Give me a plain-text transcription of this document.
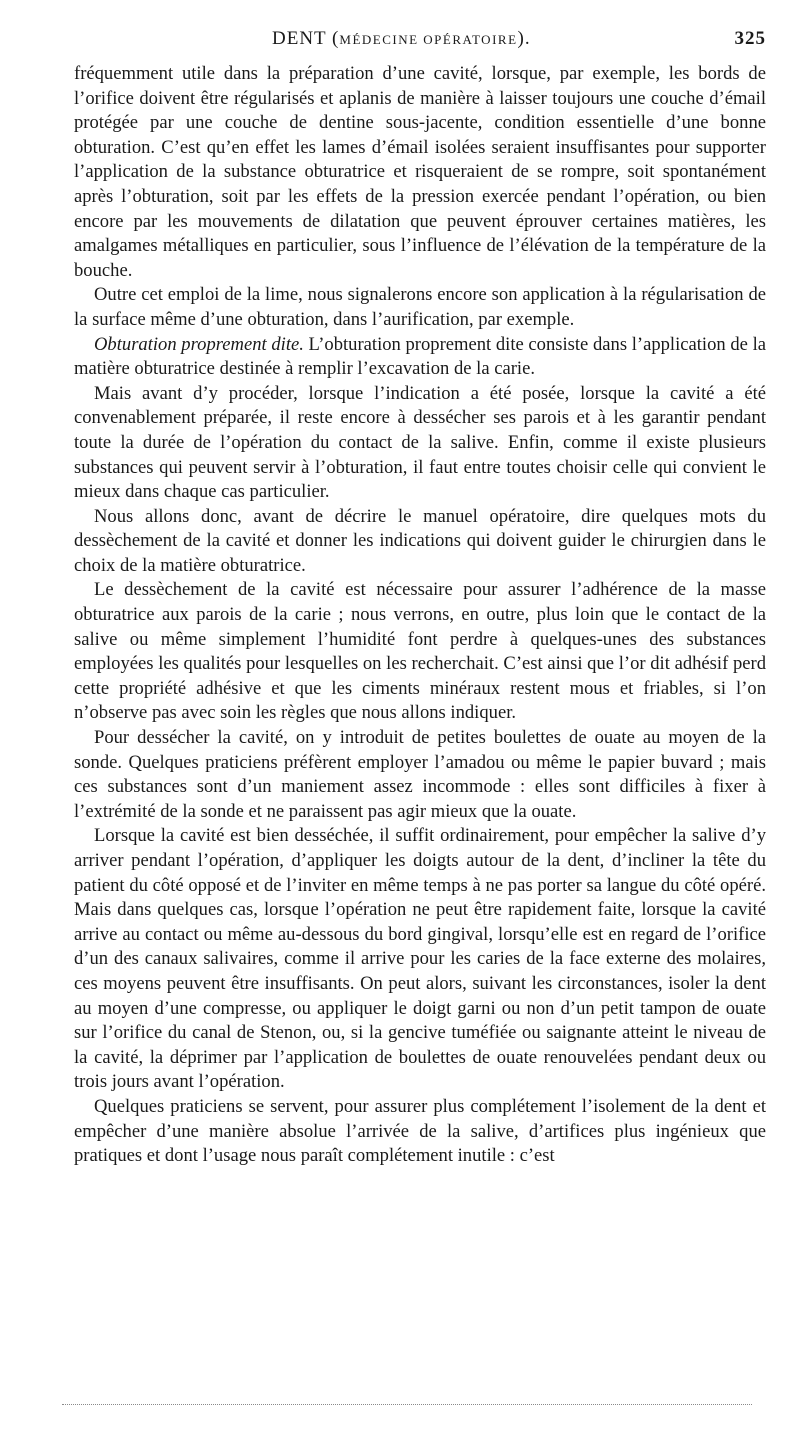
DENT (MÉDECINE OPÉRATOIRE).	325

fréquemment utile dans la préparation d’une cavité, lorsque, par exemple, les bords de l’orifice doivent être régularisés et aplanis de manière à laisser toujours une couche d’émail protégée par une couche de dentine sous-jacente, condition essentielle d’une bonne obturation. C’est qu’en effet les lames d’émail isolées seraient insuffisantes pour supporter l’application de la substance obturatrice et risqueraient de se rompre, soit spontanément après l’obturation, soit par les effets de la pression exercée pendant l’opération, ou bien encore par les mouvements de dilatation que peuvent éprouver certaines matières, les amalgames métalliques en particulier, sous l’influence de l’élévation de la température de la bouche.

Outre cet emploi de la lime, nous signalerons encore son application à la régularisation de la surface même d’une obturation, dans l’aurification, par exemple.

Obturation proprement dite. L’obturation proprement dite consiste dans l’application de la matière obturatrice destinée à remplir l’excavation de la carie.

Mais avant d’y procéder, lorsque l’indication a été posée, lorsque la cavité a été convenablement préparée, il reste encore à dessécher ses parois et à les garantir pendant toute la durée de l’opération du contact de la salive. Enfin, comme il existe plusieurs substances qui peuvent servir à l’obturation, il faut entre toutes choisir celle qui convient le mieux dans chaque cas particulier.

Nous allons donc, avant de décrire le manuel opératoire, dire quelques mots du dessèchement de la cavité et donner les indications qui doivent guider le chirurgien dans le choix de la matière obturatrice.

Le dessèchement de la cavité est nécessaire pour assurer l’adhérence de la masse obturatrice aux parois de la carie ; nous verrons, en outre, plus loin que le contact de la salive ou même simplement l’humidité font perdre à quelques-unes des substances employées les qualités pour lesquelles on les recherchait. C’est ainsi que l’or dit adhésif perd cette propriété adhésive et que les ciments minéraux restent mous et friables, si l’on n’observe pas avec soin les règles que nous allons indiquer.

Pour dessécher la cavité, on y introduit de petites boulettes de ouate au moyen de la sonde. Quelques praticiens préfèrent employer l’amadou ou même le papier buvard ; mais ces substances sont d’un maniement assez incommode : elles sont difficiles à fixer à l’extrémité de la sonde et ne paraissent pas agir mieux que la ouate.

Lorsque la cavité est bien desséchée, il suffit ordinairement, pour empêcher la salive d’y arriver pendant l’opération, d’appliquer les doigts autour de la dent, d’incliner la tête du patient du côté opposé et de l’inviter en même temps à ne pas porter sa langue du côté opéré. Mais dans quelques cas, lorsque l’opération ne peut être rapidement faite, lorsque la cavité arrive au contact ou même au-dessous du bord gingival, lorsqu’elle est en regard de l’orifice d’un des canaux salivaires, comme il arrive pour les caries de la face externe des molaires, ces moyens peuvent être insuffisants. On peut alors, suivant les circonstances, isoler la dent au moyen d’une compresse, ou appliquer le doigt garni ou non d’un petit tampon de ouate sur l’orifice du canal de Stenon, ou, si la gencive tuméfiée ou saignante atteint le niveau de la cavité, la déprimer par l’application de boulettes de ouate renouvelées pendant deux ou trois jours avant l’opération.

Quelques praticiens se servent, pour assurer plus complétement l’isolement de la dent et empêcher d’une manière absolue l’arrivée de la salive, d’artifices plus ingénieux que pratiques et dont l’usage nous paraît complétement inutile : c’est
